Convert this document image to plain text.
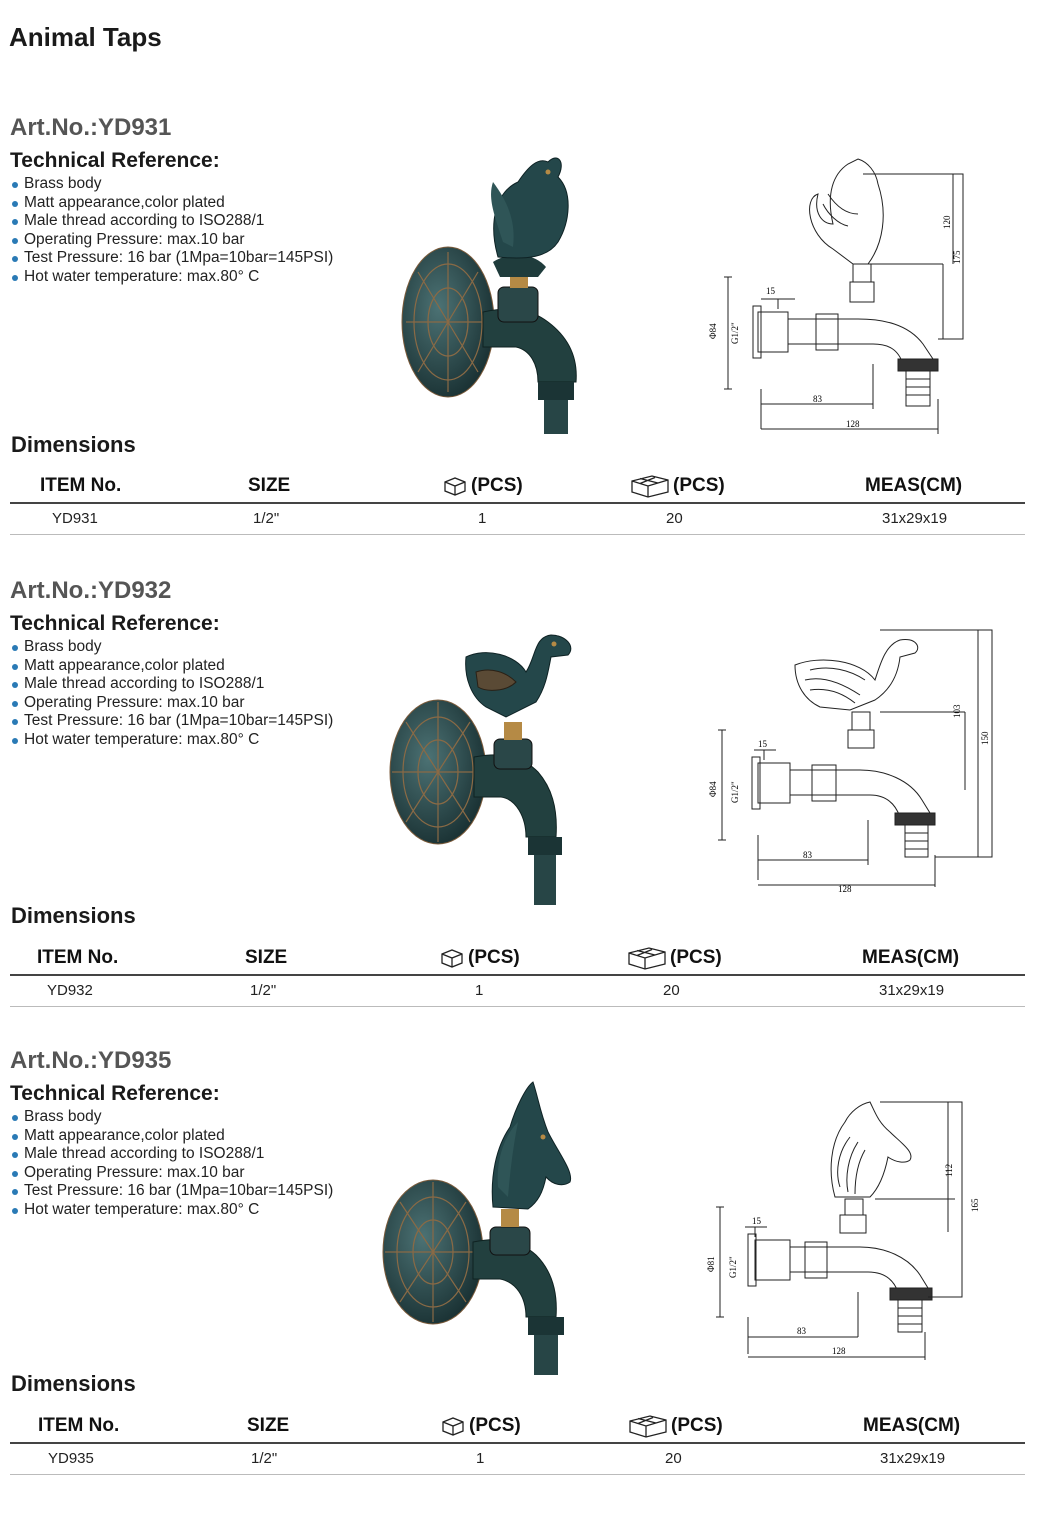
Animal Taps
Art.No.:YD931
Technical Reference:
Brass body
Matt appearance,color plated
Male thread according to ISO288/1
Operating Pressure: max.10 bar
Test Pressure: 16 bar (1Mpa=10bar=145PSI)
Hot water temperature: max.80° C
15
Φ84 G1/2"
83
128
120
175
Dimensions
ITEM No.	SIZE	(PCS)	(PCS)	MEAS(CM)
YD931	1/2"	1	20	31x29x19
Art.No.:YD932
Technical Reference:
Brass body
Matt appearance,color plated
Male thread according to ISO288/1
Operating Pressure: max.10 bar
Test Pressure: 16 bar (1Mpa=10bar=145PSI)
Hot water temperature: max.80° C	15
Φ84 G1/2"
83
128
103
150
Dimensions
ITEM No.	SIZE	(PCS)	(PCS)	MEAS(CM)
YD932	1/2"	1	20	31x29x19
Art.No.:YD935
Technical Reference:
Brass body
Matt appearance,color plated
Male thread according to ISO288/1
Operating Pressure: max.10 bar
Test Pressure: 16 bar (1Mpa=10bar=145PSI)
Hot water temperature: max.80° C
15
Φ81 G1/2"
83
128
112
165
Dimensions
ITEM No.	SIZE	(PCS)	(PCS)	MEAS(CM)
YD935	1/2"	1	20	31x29x19
